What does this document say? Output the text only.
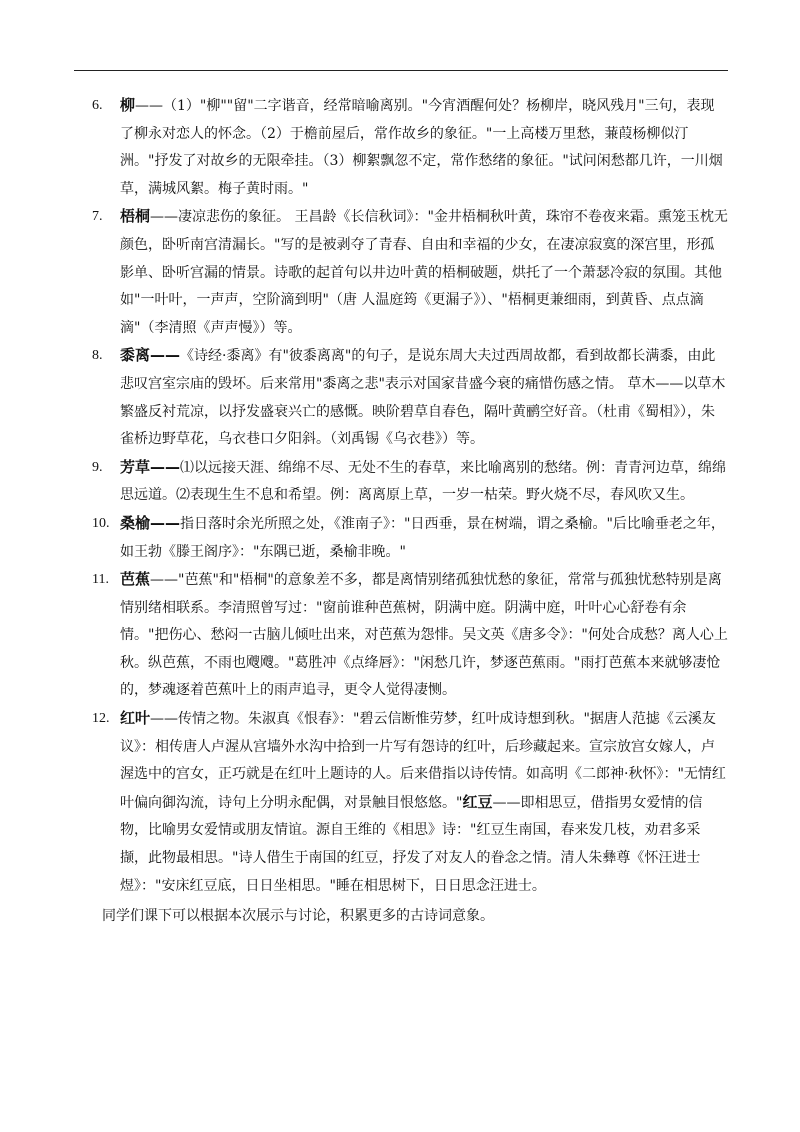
6. 柳——（1）"柳""留"二字谐音，经常暗喻离别。"今宵酒醒何处？杨柳岸，晓风残月"三句，表现了柳永对恋人的怀念。（2）于檐前屋后，常作故乡的象征。"一上高楼万里愁，蒹葭杨柳似汀洲。"抒发了对故乡的无限牵挂。（3）柳絮飘忽不定，常作愁绪的象征。"试问闲愁都几许，一川烟草，满城风絮。梅子黄时雨。"

7. 梧桐——凄凉悲伤的象征。 王昌龄《长信秋词》："金井梧桐秋叶黄，珠帘不卷夜来霜。熏笼玉枕无颜色，卧听南宫清漏长。"写的是被剥夺了青春、自由和幸福的少女，在凄凉寂寞的深宫里，形孤影单、卧听宫漏的情景。诗歌的起首句以井边叶黄的梧桐破题，烘托了一个萧瑟冷寂的氛围。其他如"一叶叶，一声声，空阶滴到明"（唐 人温庭筠《更漏子》）、"梧桐更兼细雨，到黄昏、点点滴滴"（李清照《声声慢》）等。

8. 黍离——《诗经·黍离》有"彼黍离离"的句子，是说东周大夫过西周故都，看到故都长满黍，由此悲叹宫室宗庙的毁坏。后来常用"黍离之悲"表示对国家昔盛今衰的痛惜伤感之情。 草木——以草木繁盛反衬荒凉，以抒发盛衰兴亡的感慨。映阶碧草自春色，隔叶黄鹂空好音。（杜甫《蜀相》），朱雀桥边野草花，乌衣巷口夕阳斜。（刘禹锡《乌衣巷》）等。

9. 芳草——⑴以远接天涯、绵绵不尽、无处不生的春草，来比喻离别的愁绪。例：青青河边草，绵绵思远道。⑵表现生生不息和希望。例：离离原上草，一岁一枯荣。野火烧不尽，春风吹又生。

10. 桑榆——指日落时余光所照之处，《淮南子》："日西垂，景在树端，谓之桑榆。"后比喻垂老之年，如王勃《滕王阁序》："东隅已逝，桑榆非晚。"

11. 芭蕉——"芭蕉"和"梧桐"的意象差不多，都是离情别绪孤独忧愁的象征，常常与孤独忧愁特别是离情别绪相联系。李清照曾写过："窗前谁种芭蕉树，阴满中庭。阴满中庭，叶叶心心舒卷有余情。"把伤心、愁闷一古脑儿倾吐出来，对芭蕉为怨悱。吴文英《唐多令》："何处合成愁？离人心上秋。纵芭蕉，不雨也飕飕。"葛胜冲《点绛唇》："闲愁几许，梦逐芭蕉雨。"雨打芭蕉本来就够凄怆的，梦魂逐着芭蕉叶上的雨声追寻，更令人觉得凄恻。

12. 红叶——传情之物。朱淑真《恨春》："碧云信断惟劳梦，红叶成诗想到秋。"据唐人范摅《云溪友议》：相传唐人卢渥从宫墙外水沟中拾到一片写有怨诗的红叶，后珍藏起来。宣宗放宫女嫁人，卢渥选中的宫女，正巧就是在红叶上题诗的人。后来借指以诗传情。如高明《二郎神·秋怀》："无情红叶偏向御沟流，诗句上分明永配偶，对景触目恨悠悠。"红豆——即相思豆，借指男女爱情的信物，比喻男女爱情或朋友情谊。源自王维的《相思》诗："红豆生南国，春来发几枝，劝君多采撷，此物最相思。"诗人借生于南国的红豆，抒发了对友人的眷念之情。清人朱彝尊《怀汪进士煜》："安床红豆底，日日坐相思。"睡在相思树下，日日思念汪进士。

同学们课下可以根据本次展示与讨论，积累更多的古诗词意象。
